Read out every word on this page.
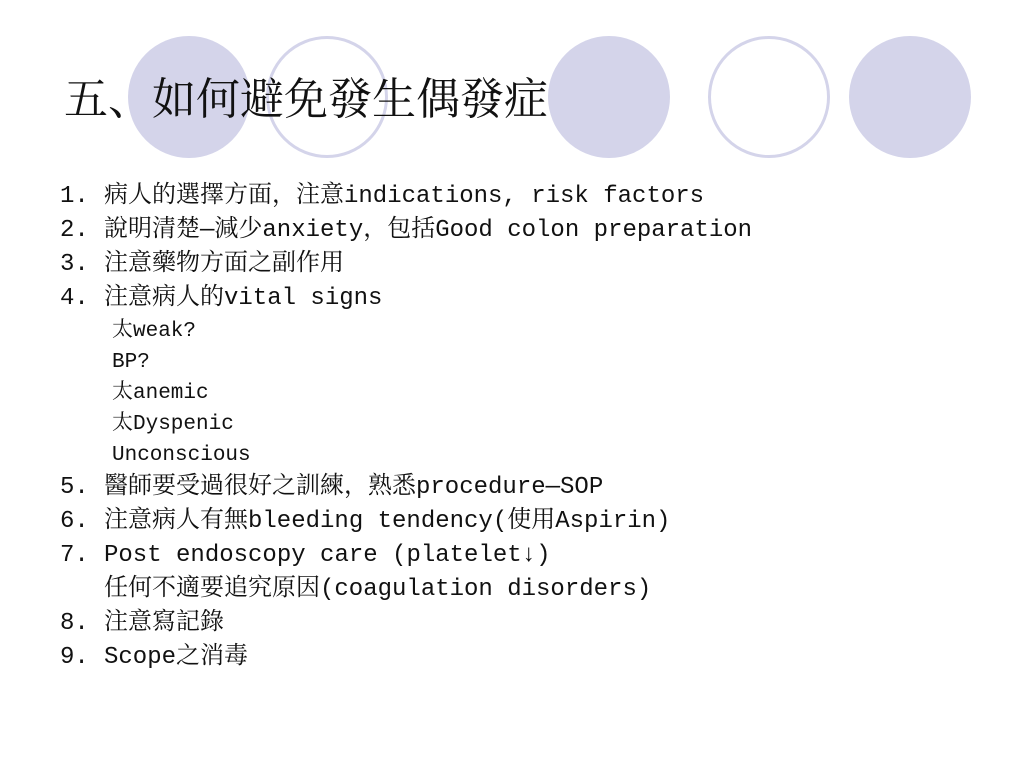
五、如何避免發生偶發症
1. 病人的選擇方面，注意indications, risk factors
2. 說明清楚—減少anxiety，包括Good colon preparation
3. 注意藥物方面之副作用
4. 注意病人的vital signs
太weak?
BP?
太anemic
太Dyspenic
Unconscious
5. 醫師要受過很好之訓練，熟悉procedure—SOP
6. 注意病人有無bleeding tendency(使用Aspirin)
7. Post endoscopy care (platelet↓)
任何不適要追究原因(coagulation disorders)
8. 注意寫記錄
9. Scope之消毒
